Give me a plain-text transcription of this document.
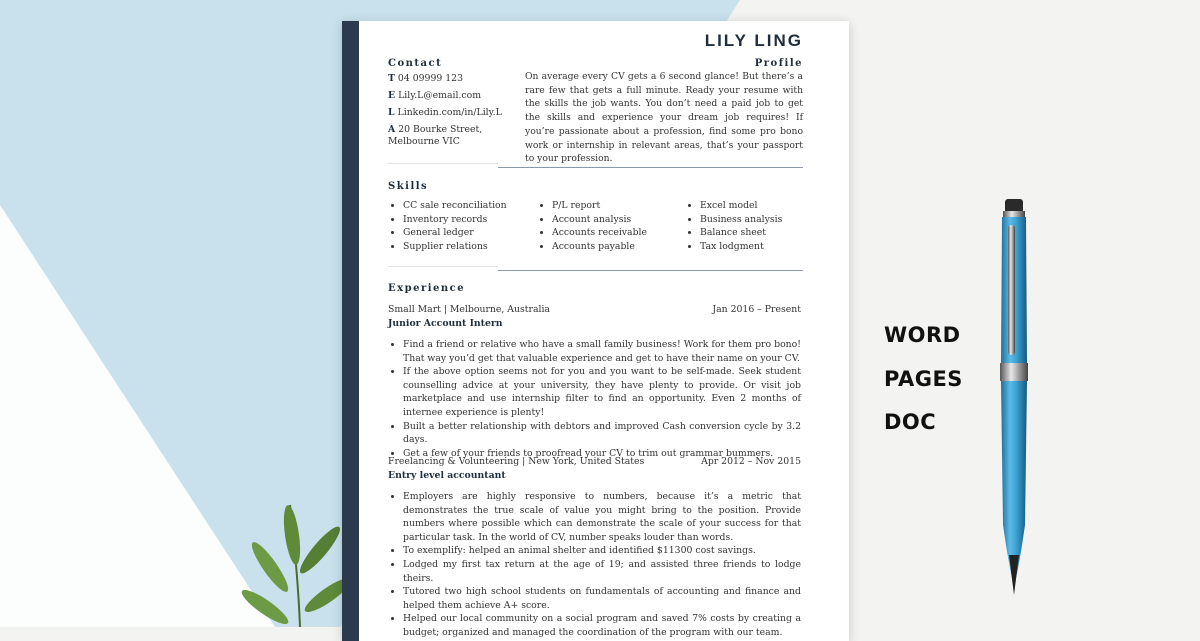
LILY LING
Contact
T 04 09999 123
E Lily.L@email.com
L Linkedin.com/in/Lily.L
A 20 Bourke Street, Melbourne VIC
Profile
On average every CV gets a 6 second glance! But there’s a rare few that gets a full minute. Ready your resume with the skills the job wants. You don’t need a paid job to get the skills and experience your dream job requires! If you’re passionate about a profession, find some pro bono work or internship in relevant areas, that’s your passport to your profession.
Skills
• CC sale reconciliation
• Inventory records
• General ledger
• Supplier relations
• P/L report
• Account analysis
• Accounts receivable
• Accounts payable
• Excel model
• Business analysis
• Balance sheet
• Tax lodgment
Experience
Small Mart | Melbourne, Australia	Jan 2016 – Present
Junior Account Intern
• Find a friend or relative who have a small family business! Work for them pro bono! That way you’d get that valuable experience and get to have their name on your CV.
• If the above option seems not for you and you want to be self-made. Seek student counselling advice at your university, they have plenty to provide. Or visit job marketplace and use internship filter to find an opportunity. Even 2 months of internee experience is plenty!
• Built a better relationship with debtors and improved Cash conversion cycle by 3.2 days.
• Get a few of your friends to proofread your CV to trim out grammar bummers.
Freelancing & Volunteering | New York, United States	Apr 2012 – Nov 2015
Entry level accountant
• Employers are highly responsive to numbers, because it’s a metric that demonstrates the true scale of value you might bring to the position. Provide numbers where possible which can demonstrate the scale of your success for that particular task. In the world of CV, number speaks louder than words.
• To exemplify: helped an animal shelter and identified $11300 cost savings.
• Lodged my first tax return at the age of 19; and assisted three friends to lodge theirs.
• Tutored two high school students on fundamentals of accounting and finance and helped them achieve A+ score.
• Helped our local community on a social program and saved 7% costs by creating a budget; organized and managed the coordination of the program with our team.
WORD
PAGES
DOC
